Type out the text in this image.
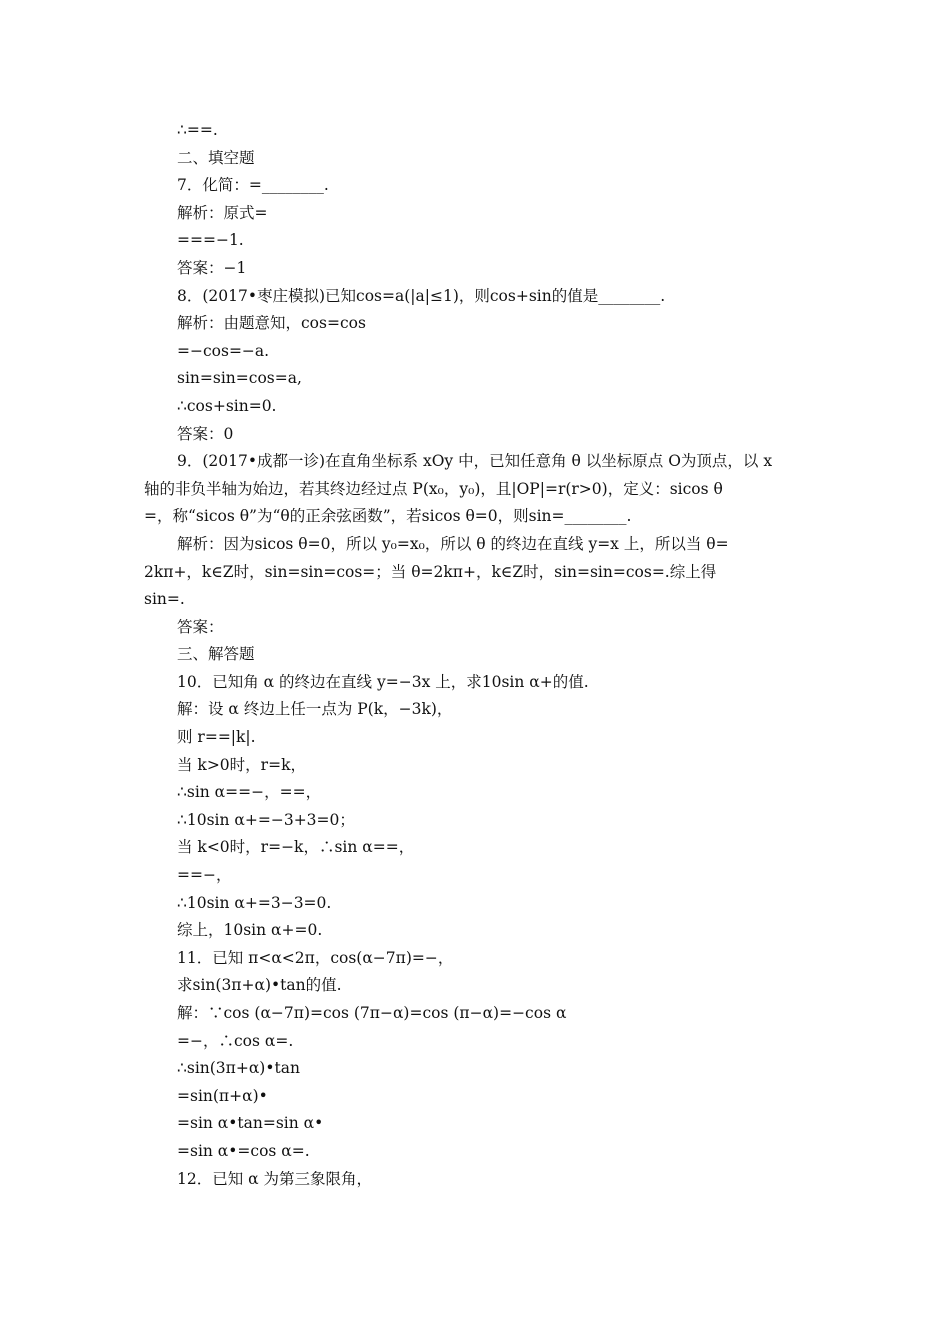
∴==.
二、填空题
7．化简：=________.
解析：原式=
===−1.
答案：−1
8．(2017•枣庄模拟)已知cos=a(|a|≤1)，则cos+sin的值是________.
解析：由题意知，cos=cos
=−cos=−a.
sin=sin=cos=a,
∴cos+sin=0.
答案：0
9．(2017•成都一诊)在直角坐标系 xOy 中，已知任意角 θ 以坐标原点 O为顶点，以 x
轴的非负半轴为始边，若其终边经过点 P(x₀，y₀)，且|OP|=r(r>0)，定义：sicos θ
=，称“sicos θ”为“θ的正余弦函数”，若sicos θ=0，则sin=________.
解析：因为sicos θ=0，所以 y₀=x₀，所以 θ 的终边在直线 y=x 上，所以当 θ=
2kπ+，k∈Z时，sin=sin=cos=；当 θ=2kπ+，k∈Z时，sin=sin=cos=.综上得
sin=.
答案：
三、解答题
10．已知角 α 的终边在直线 y=−3x 上，求10sin α+的值.
解：设 α 终边上任一点为 P(k，−3k)，
则 r==|k|.
当 k>0时，r=k，
∴sin α==−，==，
∴10sin α+=−3+3=0；
当 k<0时，r=−k，∴sin α==，
==−，
∴10sin α+=3−3=0.
综上，10sin α+=0.
11．已知 π<α<2π，cos(α−7π)=−，
求sin(3π+α)•tan的值.
解：∵cos (α−7π)=cos (7π−α)=cos (π−α)=−cos α
=−，∴cos α=.
∴sin(3π+α)•tan
=sin(π+α)•
=sin α•tan=sin α•
=sin α•=cos α=.
12．已知 α 为第三象限角，
